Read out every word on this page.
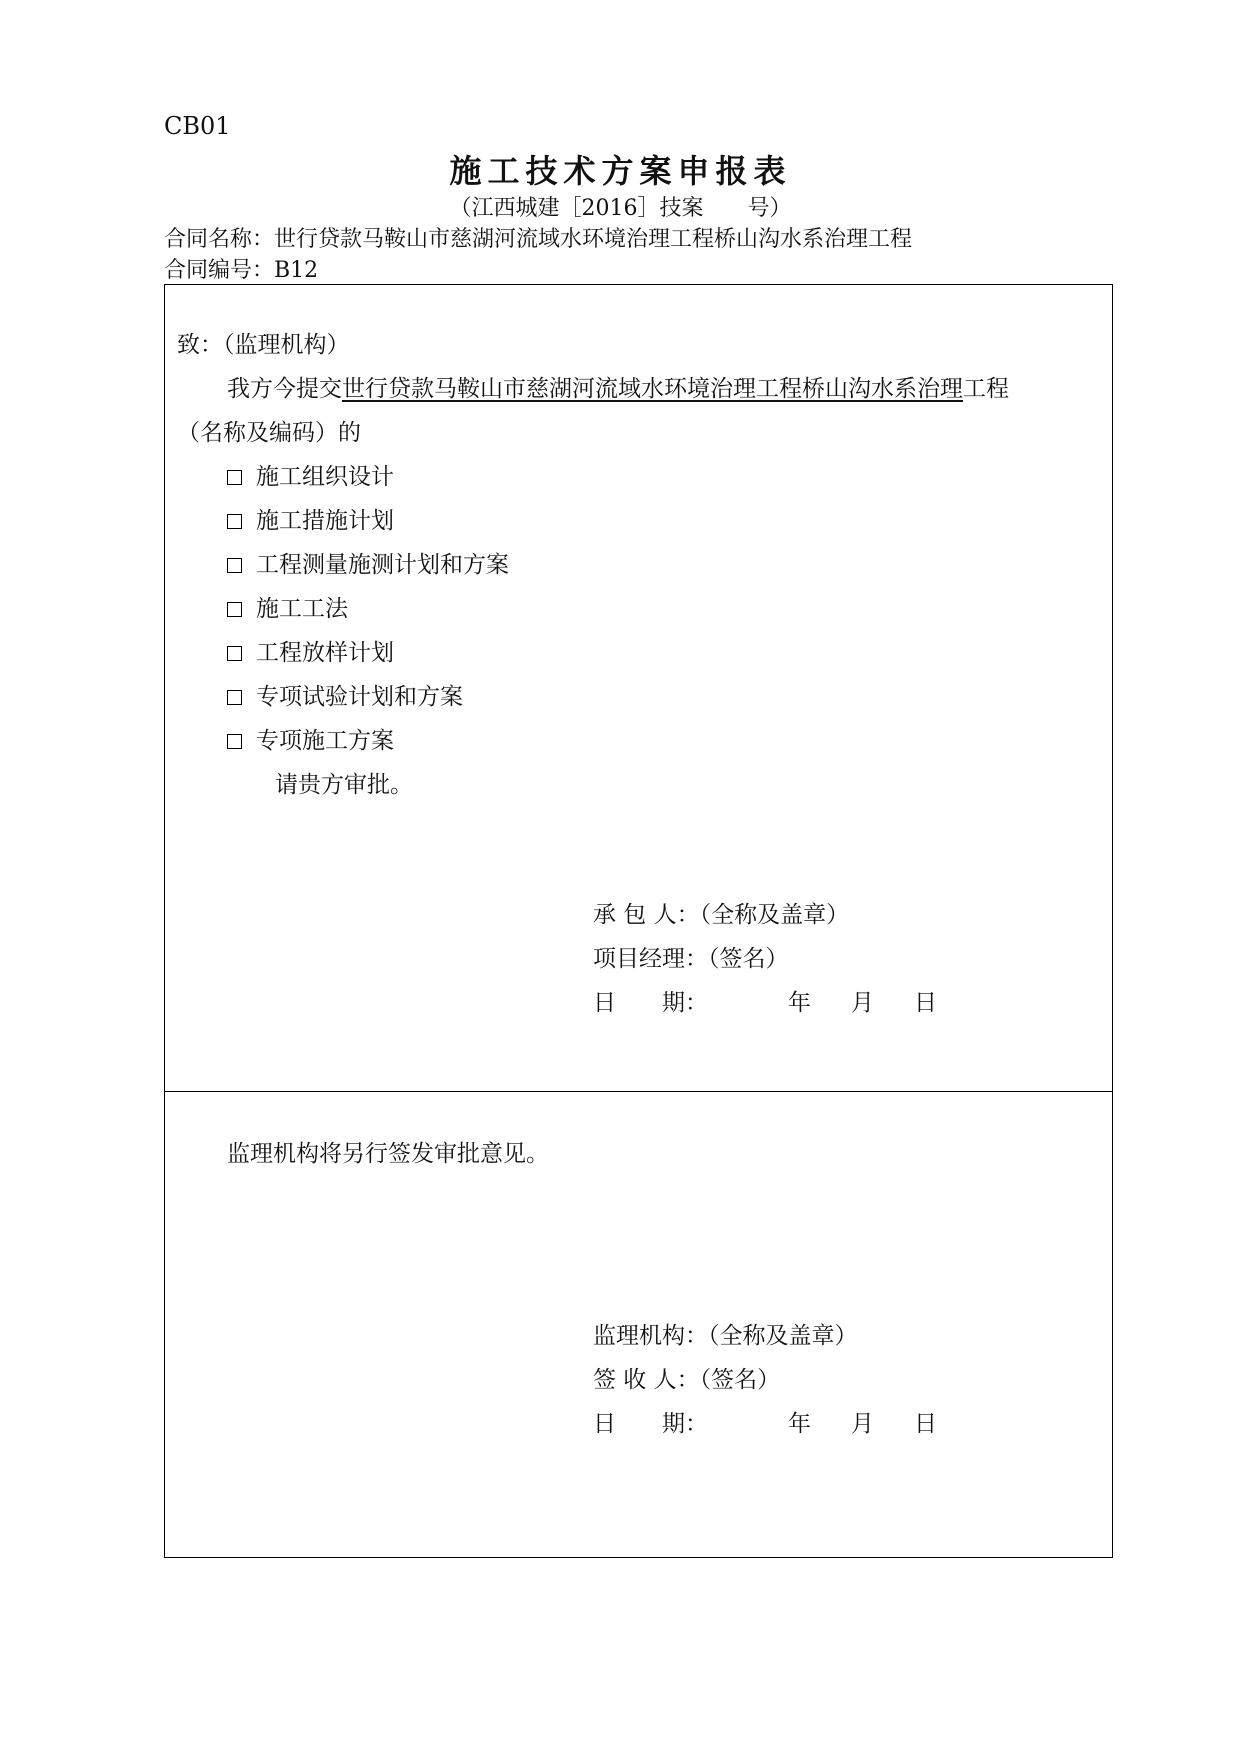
CB01
施工技术方案申报表
（江西城建［2016］技案　　号）
合同名称：世行贷款马鞍山市慈湖河流域水环境治理工程桥山沟水系治理工程
合同编号：B12
致：（监理机构）
我方今提交世行贷款马鞍山市慈湖河流域水环境治理工程桥山沟水系治理工程
（名称及编码）的
施工组织设计
施工措施计划
工程测量施测计划和方案
施工工法
工程放样计划
专项试验计划和方案
专项施工方案
请贵方审批。
承 包 人：（全称及盖章）
项目经理：（签名）
日　　期：	年 月 日
监理机构将另行签发审批意见。
监理机构：（全称及盖章）
签 收 人：（签名）
日　　期：	年 月 日
